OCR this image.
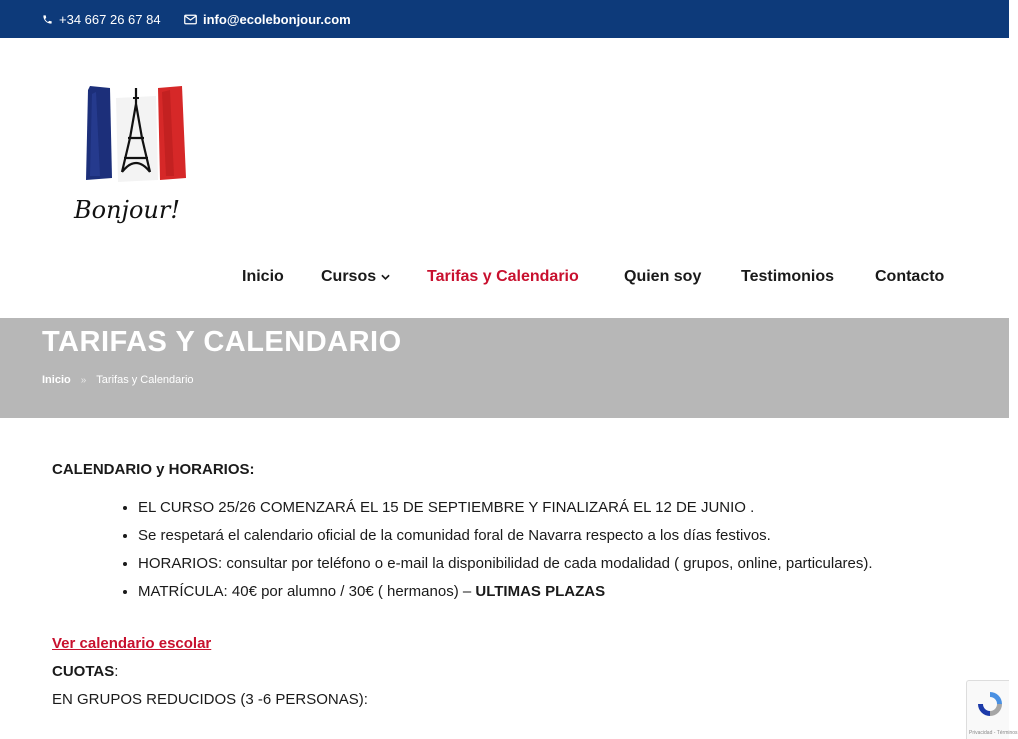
+34 667 26 67 84	info@ecolebonjour.com
Bonjour!
Inicio Cursos	Tarifas y Calendario	Quien soy Testimonios	Contacto
TARIFAS Y CALENDARIO
Inicio » Tarifas y Calendario
CALENDARIO y HORARIOS:
• EL CURSO 25/26 COMENZARÁ EL 15 DE SEPTIEMBRE Y FINALIZARÁ EL 12 DE JUNIO .
• Se respetará el calendario oficial de la comunidad foral de Navarra respecto a los días festivos.
• HORARIOS: consultar por teléfono o e-mail la disponibilidad de cada modalidad ( grupos, online, particulares).
• MATRÍCULA: 40€ por alumno / 30€ ( hermanos) – ULTIMAS PLAZAS
Ver calendario escolar
CUOTAS:
EN GRUPOS REDUCIDOS (3 -6 PERSONAS):
Privacidad - Términos
